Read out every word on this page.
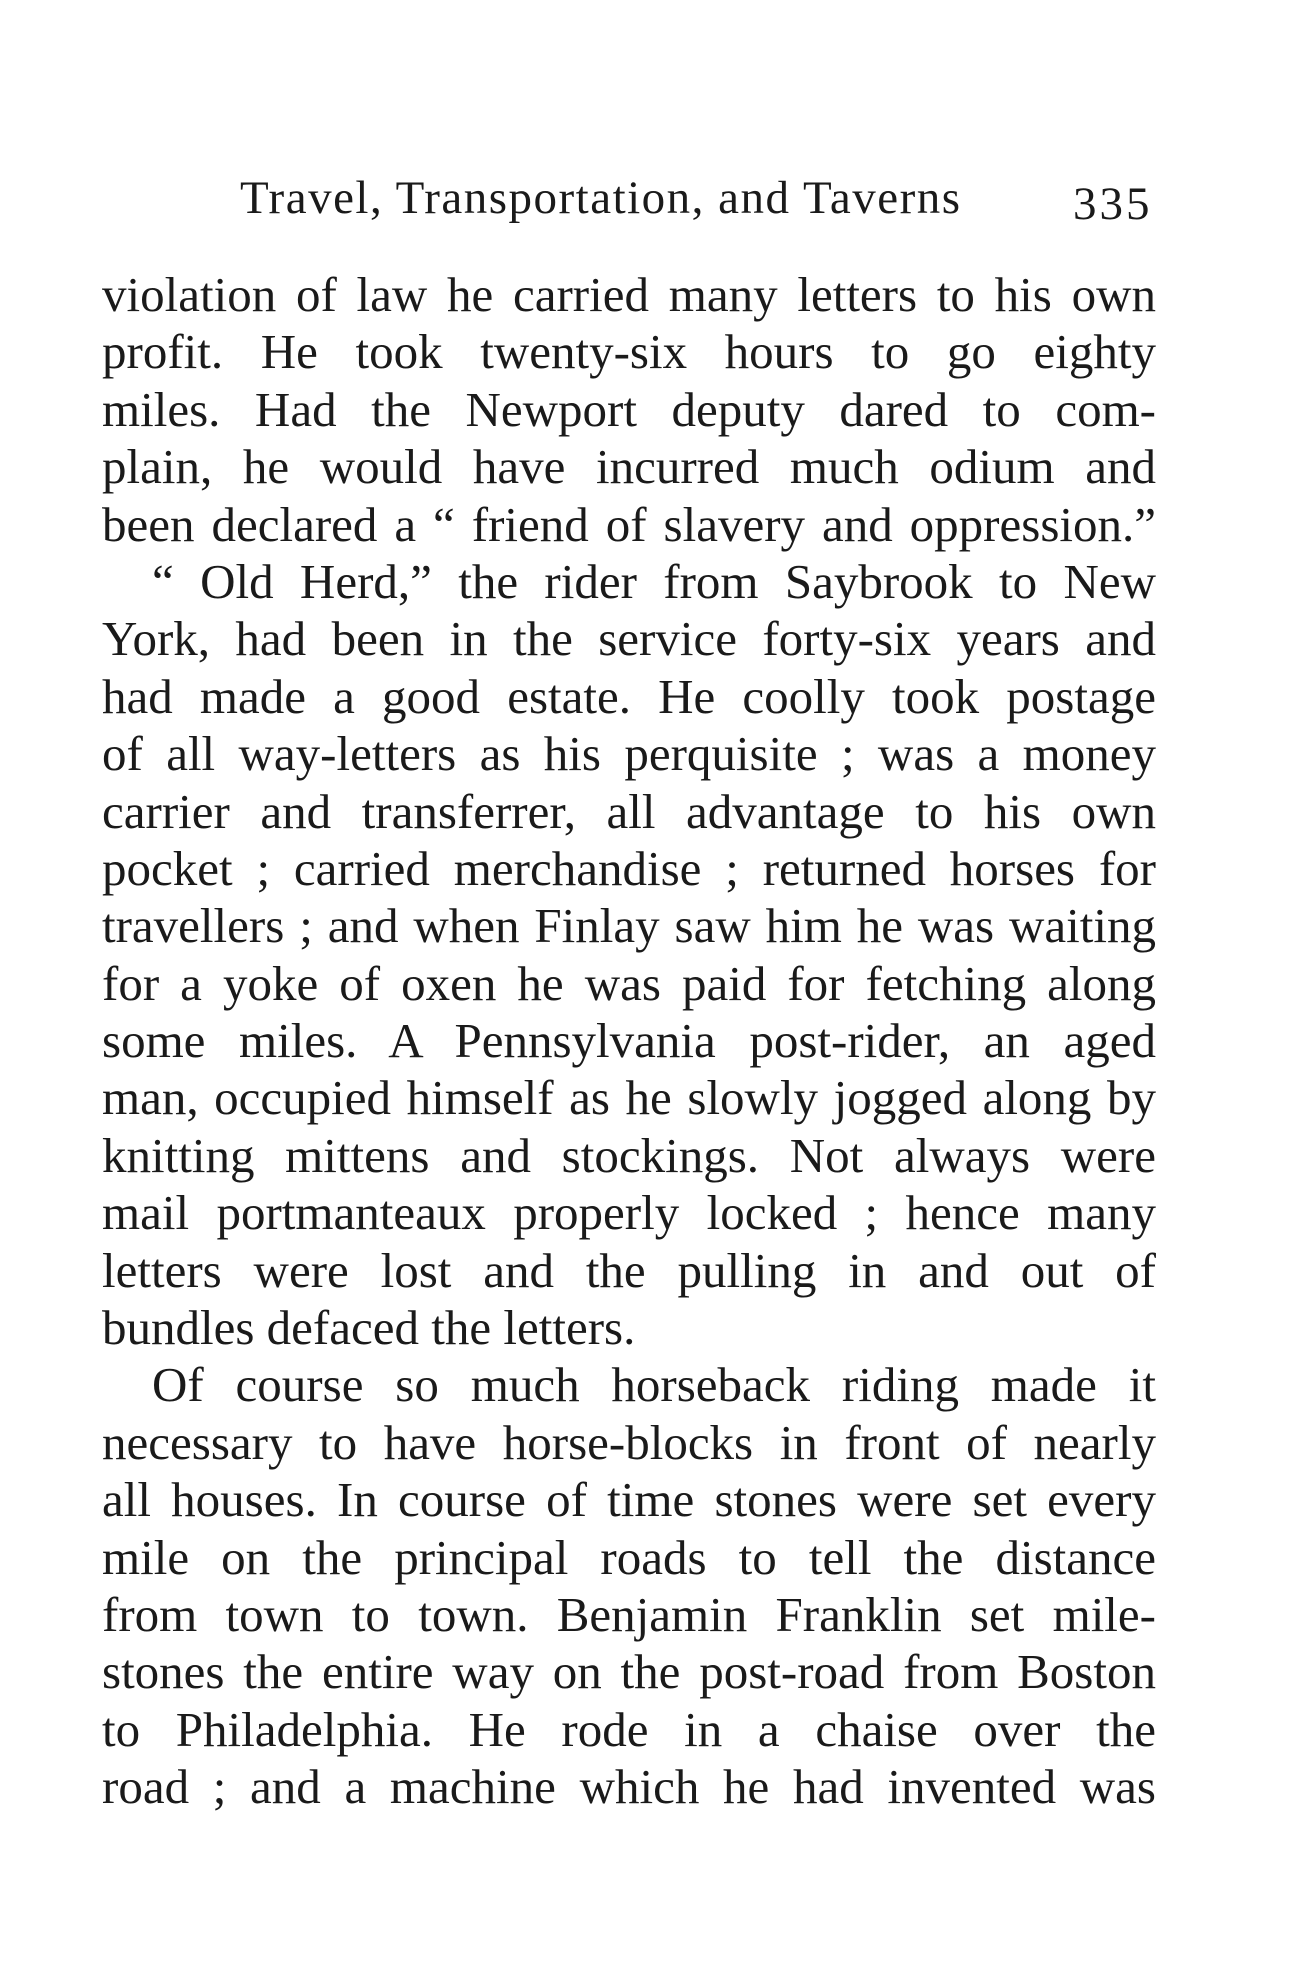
Travel, Transportation, and Taverns 335
violation of law he carried many letters to his own
profit. He took twenty-six hours to go eighty
miles. Had the Newport deputy dared to com-
plain, he would have incurred much odium and
been declared a “ friend of slavery and oppression.”
“ Old Herd,” the rider from Saybrook to New
York, had been in the service forty-six years and
had made a good estate. He coolly took postage
of all way-letters as his perquisite ; was a money
carrier and transferrer, all advantage to his own
pocket ; carried merchandise ; returned horses for
travellers ; and when Finlay saw him he was waiting
for a yoke of oxen he was paid for fetching along
some miles. A Pennsylvania post-rider, an aged
man, occupied himself as he slowly jogged along by
knitting mittens and stockings. Not always were
mail portmanteaux properly locked ; hence many
letters were lost and the pulling in and out of
bundles defaced the letters.
Of course so much horseback riding made it
necessary to have horse-blocks in front of nearly
all houses. In course of time stones were set every
mile on the principal roads to tell the distance
from town to town. Benjamin Franklin set mile-
stones the entire way on the post-road from Boston
to Philadelphia. He rode in a chaise over the
road ; and a machine which he had invented was
